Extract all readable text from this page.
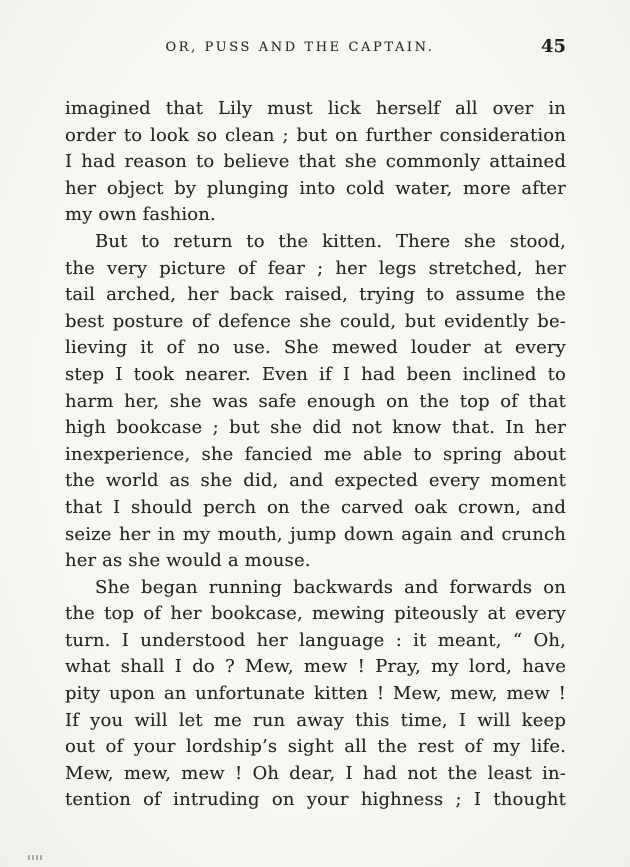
OR, PUSS AND THE CAPTAIN.	45
imagined that Lily must lick herself all over in
order to look so clean ; but on further consideration
I had reason to believe that she commonly attained
her object by plunging into cold water, more after
my own fashion.
But to return to the kitten. There she stood,
the very picture of fear ; her legs stretched, her
tail arched, her back raised, trying to assume the
best posture of defence she could, but evidently be-
lieving it of no use. She mewed louder at every
step I took nearer. Even if I had been inclined to
harm her, she was safe enough on the top of that
high bookcase ; but she did not know that. In her
inexperience, she fancied me able to spring about
the world as she did, and expected every moment
that I should perch on the carved oak crown, and
seize her in my mouth, jump down again and crunch
her as she would a mouse.
She began running backwards and forwards on
the top of her bookcase, mewing piteously at every
turn. I understood her language : it meant, “ Oh,
what shall I do ? Mew, mew ! Pray, my lord, have
pity upon an unfortunate kitten ! Mew, mew, mew !
If you will let me run away this time, I will keep
out of your lordship’s sight all the rest of my life.
Mew, mew, mew ! Oh dear, I had not the least in-
tention of intruding on your highness ; I thought
